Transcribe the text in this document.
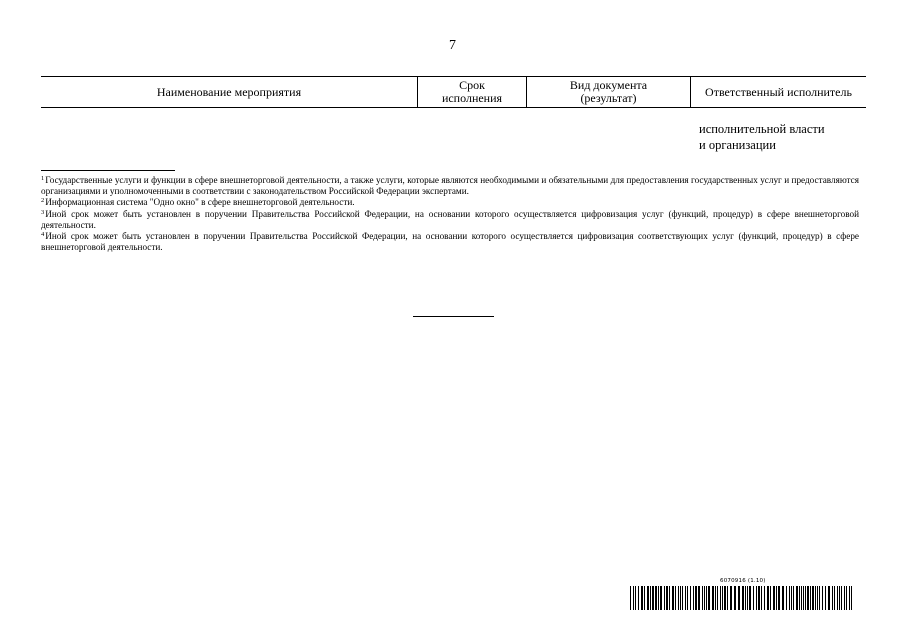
7
Наименование мероприятия	Срок
исполнения
Вид документа
(результат)	Ответственный исполнитель
исполнительной власти
и организации

$^1$Государственные услуги и функции в сфере внешнеторговой деятельности, а также услуги, которые являются необходимыми и обязательными для предоставления государственных услуг и предоставляются организациями и уполномоченными в соответствии с законодательством Российской Федерации экспертами.

$^2$Информационная система "Одно окно" в сфере внешнеторговой деятельности.

$^3$Иной срок может быть установлен в поручении Правительства Российской Федерации, на основании которого осуществляется цифровизация услуг (функций, процедур) в сфере внешнеторговой деятельности.

$^4$Иной срок может быть установлен в поручении Правительства Российской Федерации, на основании которого осуществляется цифровизация соответствующих услуг (функций, процедур) в сфере внешнеторговой деятельности.

6070916 (1.10)
